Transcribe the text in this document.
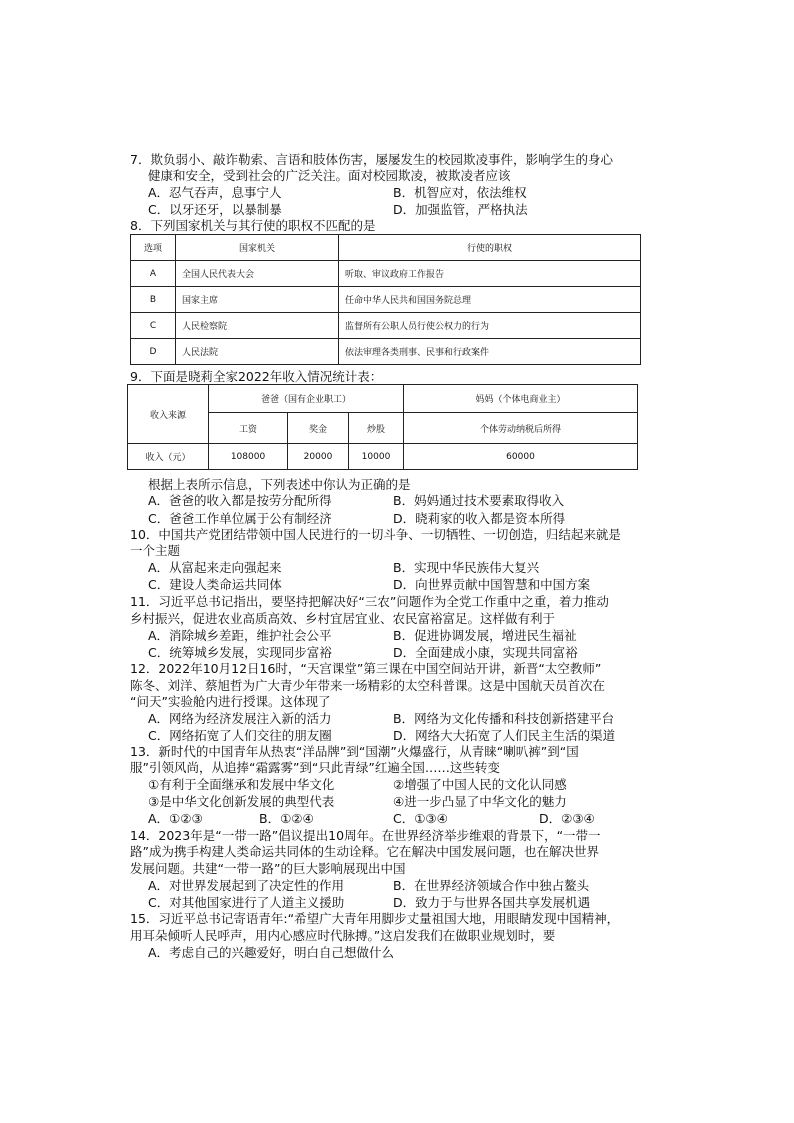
7．欺负弱小、敲诈勒索、言语和肢体伤害，屡屡发生的校园欺凌事件，影响学生的身心
健康和安全，受到社会的广泛关注。面对校园欺凌，被欺凌者应该
A．忍气吞声，息事宁人	B．机智应对，依法维权
C．以牙还牙，以暴制暴	D．加强监管，严格执法
8．下列国家机关与其行使的职权不匹配的是
选项	国家机关	行使的职权
A	全国人民代表大会	听取、审议政府工作报告
B	国家主席	任命中华人民共和国国务院总理
C	人民检察院	监督所有公职人员行使公权力的行为
D	人民法院	依法审理各类刑事、民事和行政案件
9．下面是晓莉全家2022年收入情况统计表：
收入来源	爸爸（国有企业职工）			妈妈（个体电商业主）
	工资	奖金	炒股	个体劳动纳税后所得
收入（元）	108000	20000	10000	60000
根据上表所示信息，下列表述中你认为正确的是
A．爸爸的收入都是按劳分配所得	B．妈妈通过技术要素取得收入
C．爸爸工作单位属于公有制经济	D．晓莉家的收入都是资本所得
10．中国共产党团结带领中国人民进行的一切斗争、一切牺牲、一切创造，归结起来就是
一个主题
A．从富起来走向强起来	B．实现中华民族伟大复兴
C．建设人类命运共同体	D．向世界贡献中国智慧和中国方案
11．习近平总书记指出，要坚持把解决好“三农”问题作为全党工作重中之重，着力推动
乡村振兴，促进农业高质高效、乡村宜居宜业、农民富裕富足。这样做有利于
A．消除城乡差距，维护社会公平	B．促进协调发展，增进民生福祉
C．统筹城乡发展，实现同步富裕	D．全面建成小康，实现共同富裕
12．2022年10月12日16时，“天宫课堂”第三课在中国空间站开讲，新晋“太空教师”
陈冬、刘洋、蔡旭哲为广大青少年带来一场精彩的太空科普课。这是中国航天员首次在
“问天”实验舱内进行授课。这体现了
A．网络为经济发展注入新的活力	B．网络为文化传播和科技创新搭建平台
C．网络拓宽了人们交往的朋友圈	D．网络大大拓宽了人们民主生活的渠道
13．新时代的中国青年从热衷“洋品牌”到“国潮”火爆盛行，从青睐“喇叭裤”到“国
服”引领风尚，从追捧“霜露雾”到“只此青绿”红遍全国……这些转变
①有利于全面继承和发展中华文化	②增强了中国人民的文化认同感
③是中华文化创新发展的典型代表	④进一步凸显了中华文化的魅力
A．①②③	B．①②④	C．①③④	D．②③④
14．2023年是“一带一路”倡议提出10周年。在世界经济举步维艰的背景下，“一带一
路”成为携手构建人类命运共同体的生动诠释。它在解决中国发展问题，也在解决世界
发展问题。共建“一带一路”的巨大影响展现出中国
A．对世界发展起到了决定性的作用	B．在世界经济领域合作中独占鳌头
C．对其他国家进行了人道主义援助	D．致力于与世界各国共享发展机遇
15．习近平总书记寄语青年:“希望广大青年用脚步丈量祖国大地，用眼睛发现中国精神，
用耳朵倾听人民呼声，用内心感应时代脉搏。”这启发我们在做职业规划时，要
A．考虑自己的兴趣爱好，明白自己想做什么
